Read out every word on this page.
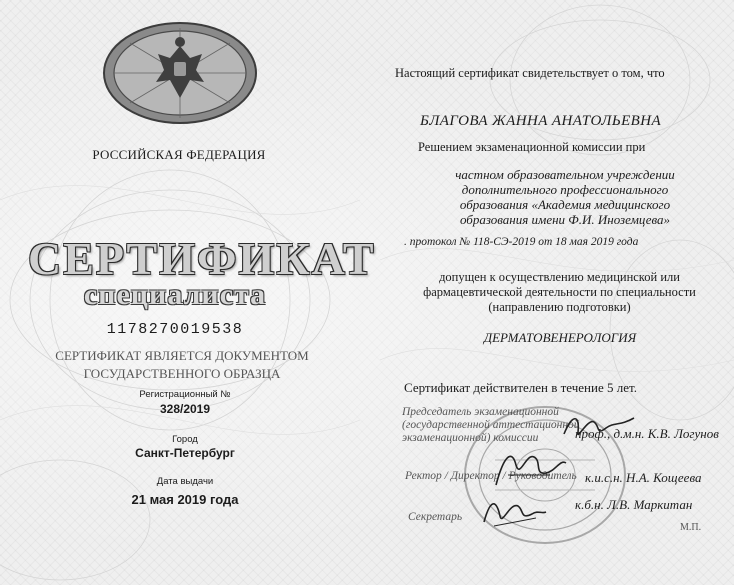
РОССИЙСКАЯ ФЕДЕРАЦИЯ
СЕРТИФИКАТ
специалиста
1178270019538
СЕРТИФИКАТ ЯВЛЯЕТСЯ ДОКУМЕНТОМ
ГОСУДАРСТВЕННОГО ОБРАЗЦА
Регистрационный №
328/2019
Город
Санкт-Петербург
Дата выдачи
21 мая 2019 года
Настоящий сертификат свидетельствует о том, что
БЛАГОВА ЖАННА АНАТОЛЬЕВНА
Решением экзаменационной комиссии при
частном образовательном учреждении
дополнительного профессионального
образования «Академия медицинского
образования имени Ф.И. Иноземцева»
. протокол № 118-СЭ-2019 от 18 мая 2019 года
допущен к осуществлению медицинской или
фармацевтической деятельности по специальности
(направлению подготовки)
ДЕРМАТОВЕНЕРОЛОГИЯ
Сертификат действителен в течение 5 лет.
Председатель экзаменационной
(государственной аттестационной
экзаменационной) комиссии	проф., д.м.н. К.В. Логунов
Ректор / Директор / Руководитель к.и.с.н. Н.А. Кощеева
к.б.н. Л.В. Маркитан
Секретарь
М.П.
